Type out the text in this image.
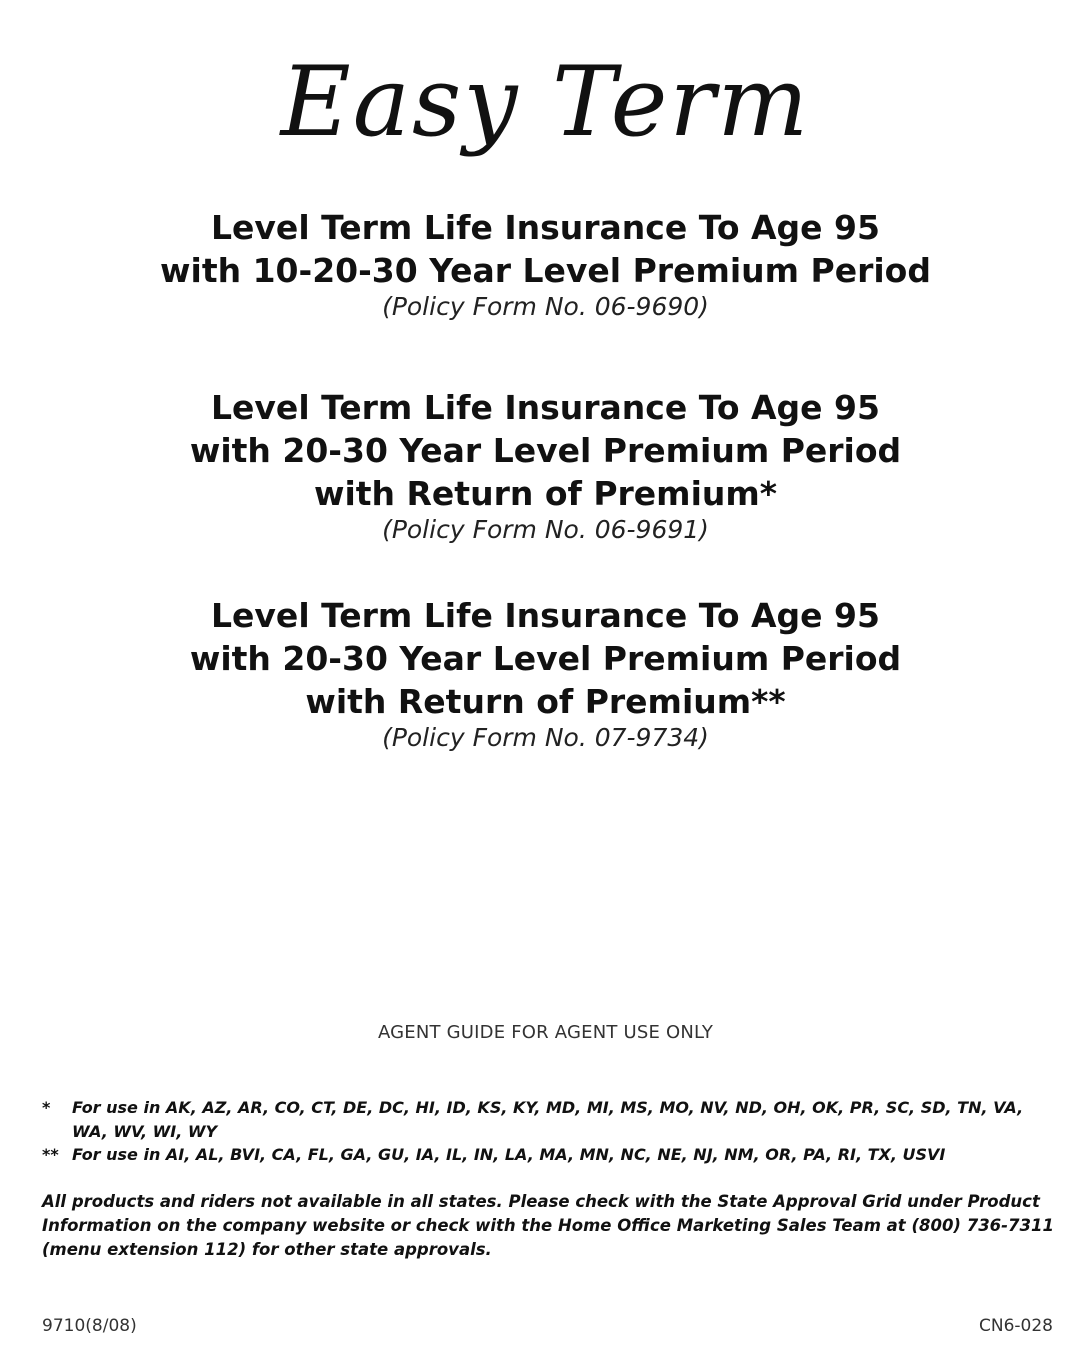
Easy Term
Level Term Life Insurance To Age 95
with 10-20-30 Year Level Premium Period
(Policy Form No. 06-9690)
Level Term Life Insurance To Age 95
with 20-30 Year Level Premium Period
with Return of Premium*
(Policy Form No. 06-9691)
Level Term Life Insurance To Age 95
with 20-30 Year Level Premium Period
with Return of Premium**
(Policy Form No. 07-9734)
AGENT GUIDE FOR AGENT USE ONLY
*	For use in AK, AZ, AR, CO, CT, DE, DC, HI, ID, KS, KY, MD, MI, MS, MO, NV, ND, OH, OK, PR, SC, SD, TN, VA, WA, WV, WI, WY
** For use in AI, AL, BVI, CA, FL, GA, GU, IA, IL, IN, LA, MA, MN, NC, NE, NJ, NM, OR, PA, RI, TX, USVI
All products and riders not available in all states. Please check with the State Approval Grid under Product Information on the company website or check with the Home Office Marketing Sales Team at (800) 736-7311 (menu extension 112) for other state approvals.
9710(8/08)	CN6-028
